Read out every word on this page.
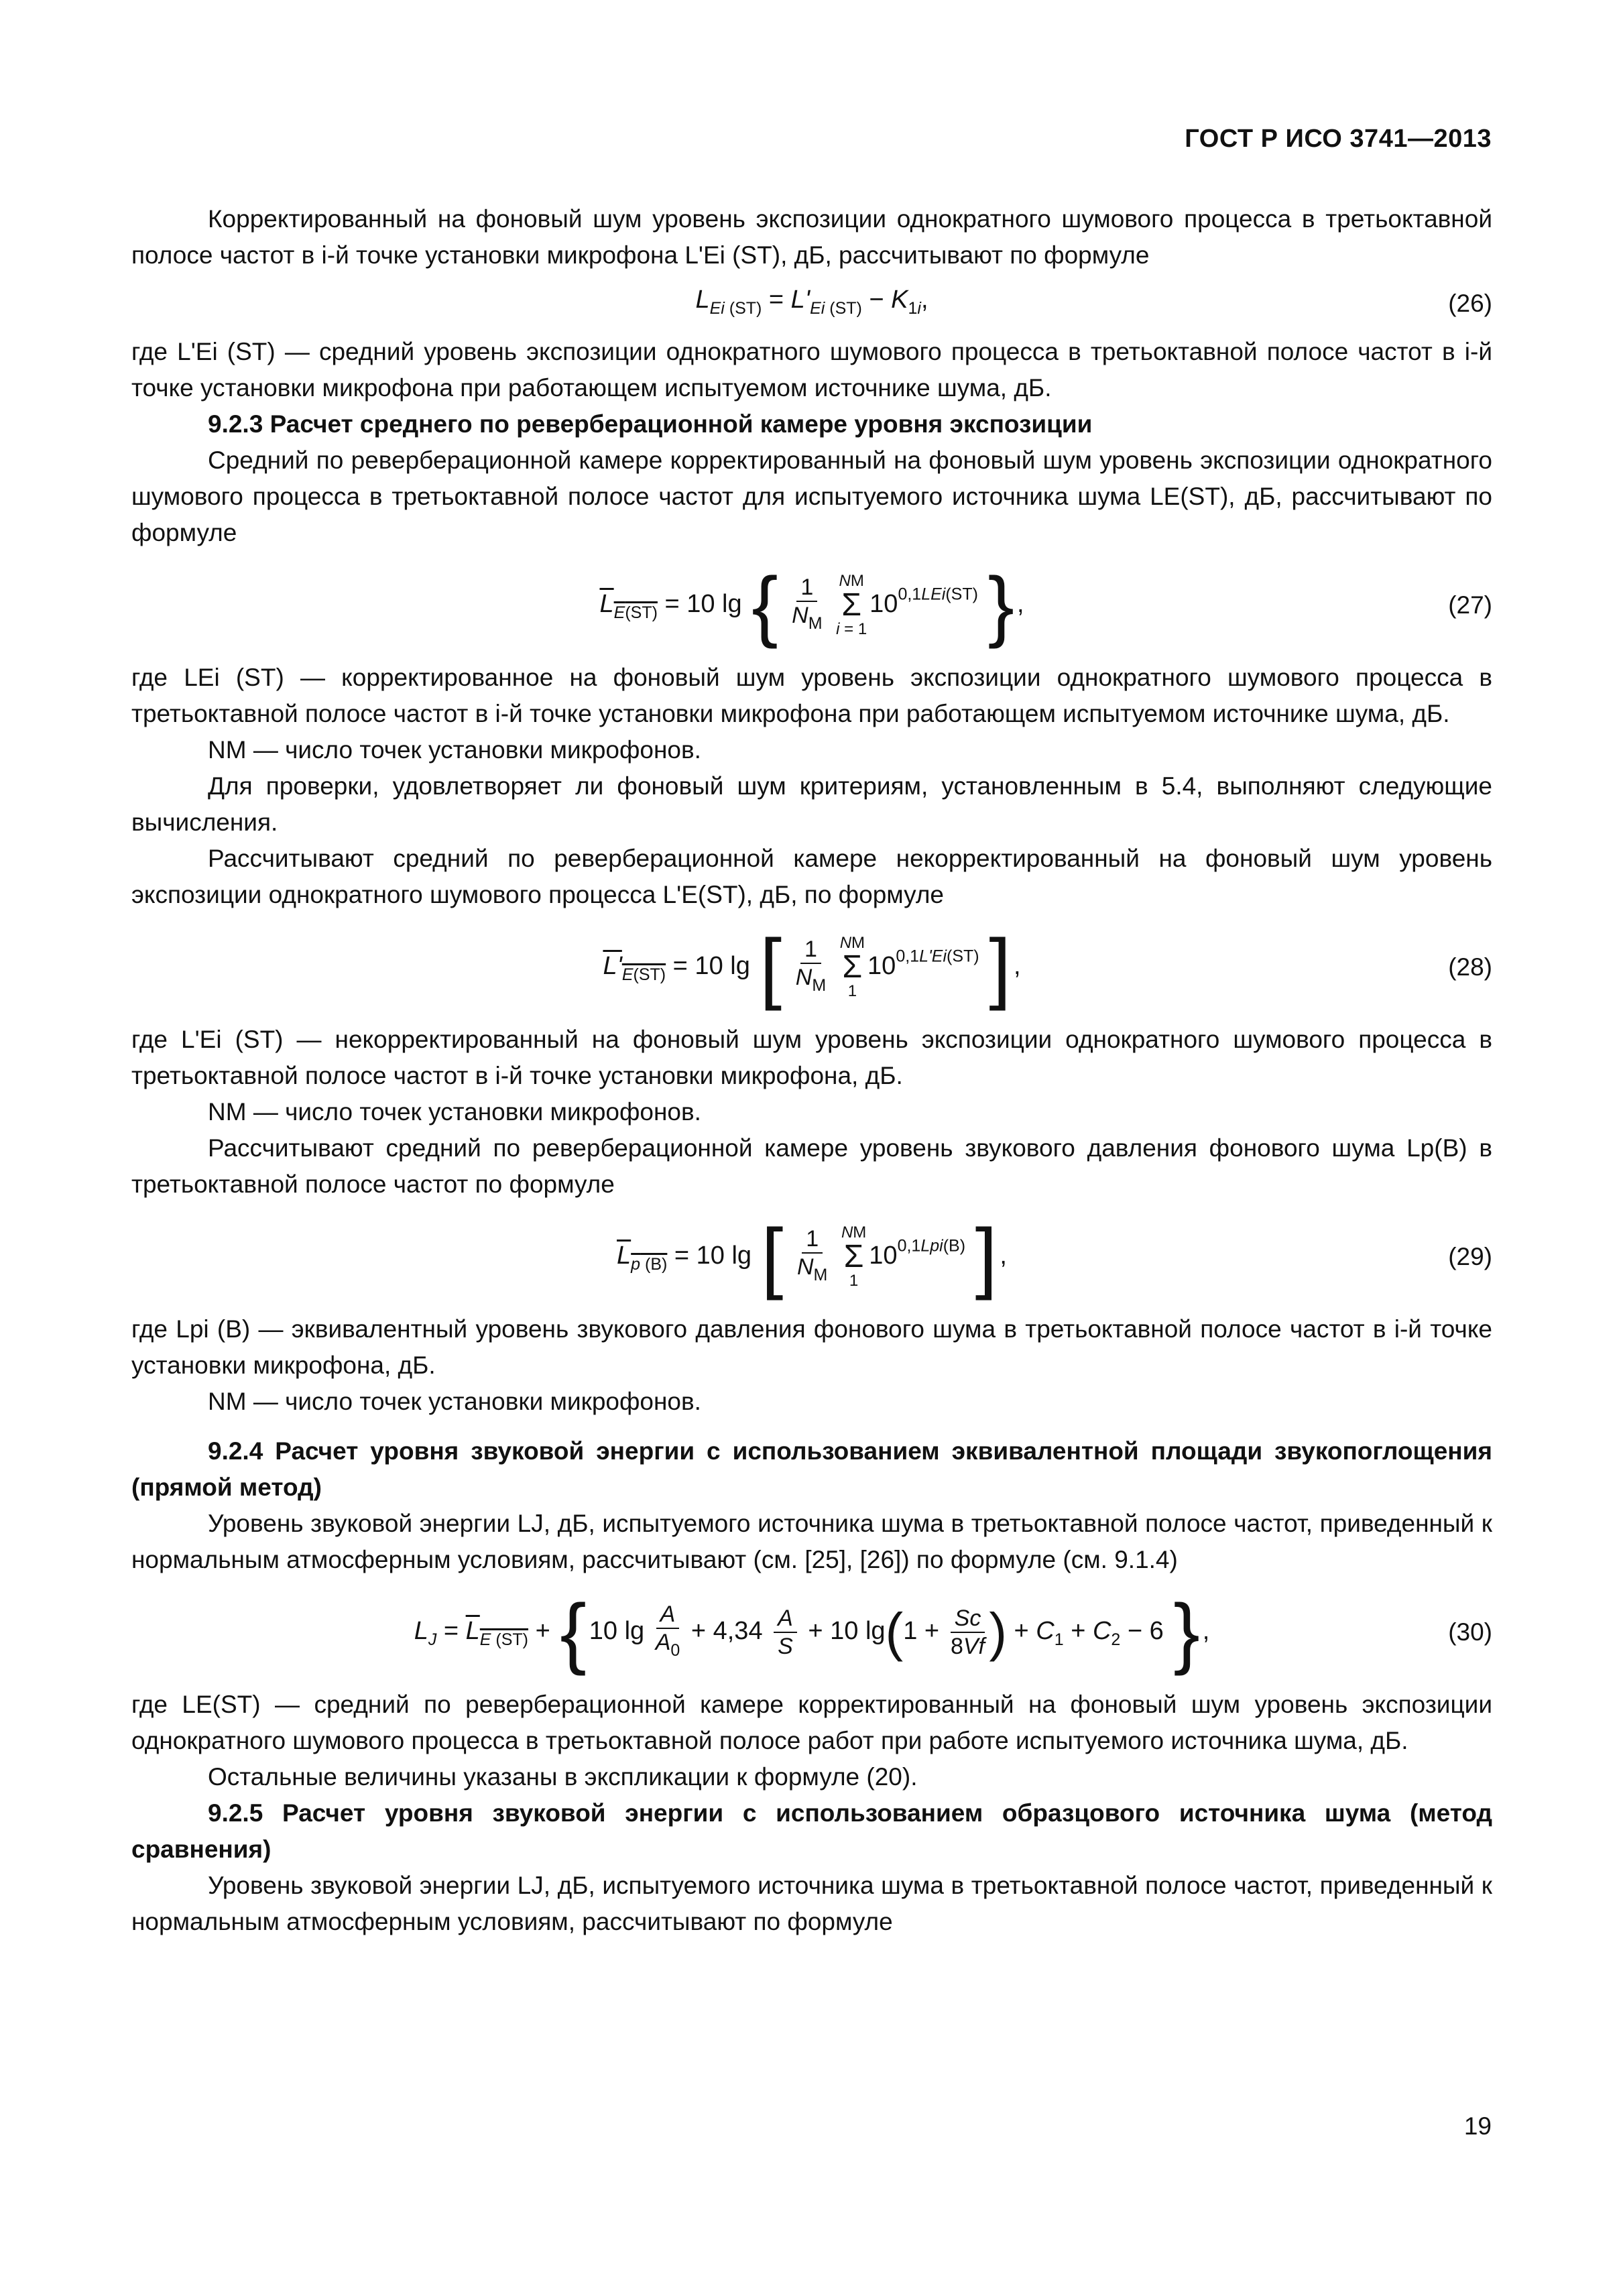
ГОСТ Р ИСО 3741—2013

Корректированный на фоновый шум уровень экспозиции однократного шумового процесса в третьоктавной полосе частот в i-й точке установки микрофона L'Ei (ST), дБ, рассчитывают по формуле

$L_{Ei (ST)} = L'_{Ei (ST)} - K_{1i}$,	(26)

где L'Ei (ST) — средний уровень экспозиции однократного шумового процесса в третьоктавной полосе частот в i-й точке установки микрофона при работающем испытуемом источнике шума, дБ.

9.2.3 Расчет среднего по реверберационной камере уровня экспозиции

Средний по реверберационной камере корректированный на фоновый шум уровень экспозиции однократного шумового процесса в третьоктавной полосе частот для испытуемого источника шума LE(ST), дБ, рассчитывают по формуле

$L_{E(ST)} = 10$ lg { $\frac{1}{N_M}$
NM
Σ
i = 1
$10^{0,1LEi(ST)}$ } ,	(27)

где LEi (ST) — корректированное на фоновый шум уровень экспозиции однократного шумового процесса в третьоктавной полосе частот в i-й точке установки микрофона при работающем испытуемом источнике шума, дБ.

NM — число точек установки микрофонов.

Для проверки, удовлетворяет ли фоновый шум критериям, установленным в 5.4, выполняют следующие вычисления.

Рассчитывают средний по реверберационной камере некорректированный на фоновый шум уровень экспозиции однократного шумового процесса L'E(ST), дБ, по формуле

$L'_{E(ST)} = 10$ lg [ $\frac{1}{N_M}$
NM
Σ
1
$10^{0,1L'Ei(ST)}$ ] ,	(28)

где L'Ei (ST) — некорректированный на фоновый шум уровень экспозиции однократного шумового процесса в третьоктавной полосе частот в i-й точке установки микрофона, дБ.

NM — число точек установки микрофонов.

Рассчитывают средний по реверберационной камере уровень звукового давления фонового шума Lp(B) в третьоктавной полосе частот по формуле

$L_{p (B)} = 10$ lg [ $\frac{1}{N_M}$
NM
Σ
1
$10^{0,1Lpi(B)}$ ] ,	(29)

где Lpi (B) — эквивалентный уровень звукового давления фонового шума в третьоктавной полосе частот в i-й точке установки микрофона, дБ.

NM — число точек установки микрофонов.

9.2.4 Расчет уровня звуковой энергии с использованием эквивалентной площади звукопоглощения (прямой метод)

Уровень звуковой энергии LJ, дБ, испытуемого источника шума в третьоктавной полосе частот, приведенный к нормальным атмосферным условиям, рассчитывают (см. [25], [26]) по формуле (см. 9.1.4)

$L_J = L_{E (ST)}$ + { 10 $\lg \frac{A}{A_0} + 4,34 \frac{A}{S} + 10$ $\lg(1 + \frac{Sc}{8Vf}$ ) + $C_1 + C_2 - 6$ } ,	(30)

где LE(ST) — средний по реверберационной камере корректированный на фоновый шум уровень экспозиции однократного шумового процесса в третьоктавной полосе работ при работе испытуемого источника шума, дБ.

Остальные величины указаны в экспликации к формуле (20).

9.2.5 Расчет уровня звуковой энергии с использованием образцового источника шума (метод сравнения)

Уровень звуковой энергии LJ, дБ, испытуемого источника шума в третьоктавной полосе частот, приведенный к нормальным атмосферным условиям, рассчитывают по формуле

19
